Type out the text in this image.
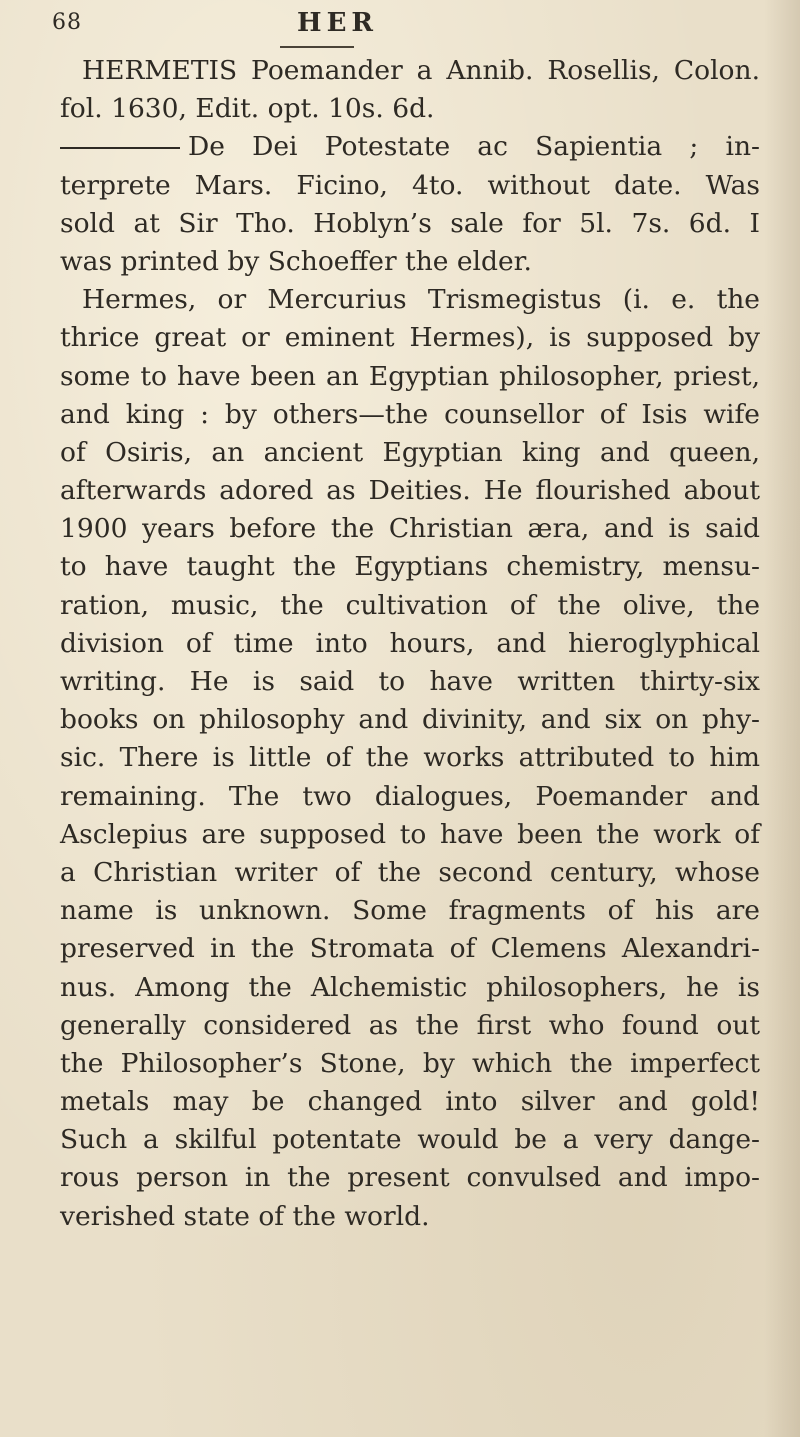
68	HER
HERMETIS Poemander a Annib. Rosellis, Colon.
fol. 1630, Edit. opt. 10s. 6d.
De Dei Potestate ac Sapientia ; in-
terprete Mars. Ficino, 4to. without date. Was
sold at Sir Tho. Hoblyn’s sale for 5l. 7s. 6d. I
was printed by Schoeffer the elder.
Hermes, or Mercurius Trismegistus (i. e. the
thrice great or eminent Hermes), is supposed by
some to have been an Egyptian philosopher, priest,
and king : by others—the counsellor of Isis wife
of Osiris, an ancient Egyptian king and queen,
afterwards adored as Deities. He flourished about
1900 years before the Christian æra, and is said
to have taught the Egyptians chemistry, mensu-
ration, music, the cultivation of the olive, the
division of time into hours, and hieroglyphical
writing. He is said to have written thirty-six
books on philosophy and divinity, and six on phy-
sic. There is little of the works attributed to him
remaining. The two dialogues, Poemander and
Asclepius are supposed to have been the work of
a Christian writer of the second century, whose
name is unknown. Some fragments of his are
preserved in the Stromata of Clemens Alexandri-
nus. Among the Alchemistic philosophers, he is
generally considered as the first who found out
the Philosopher’s Stone, by which the imperfect
metals may be changed into silver and gold!
Such a skilful potentate would be a very dange-
rous person in the present convulsed and impo-
verished state of the world.
